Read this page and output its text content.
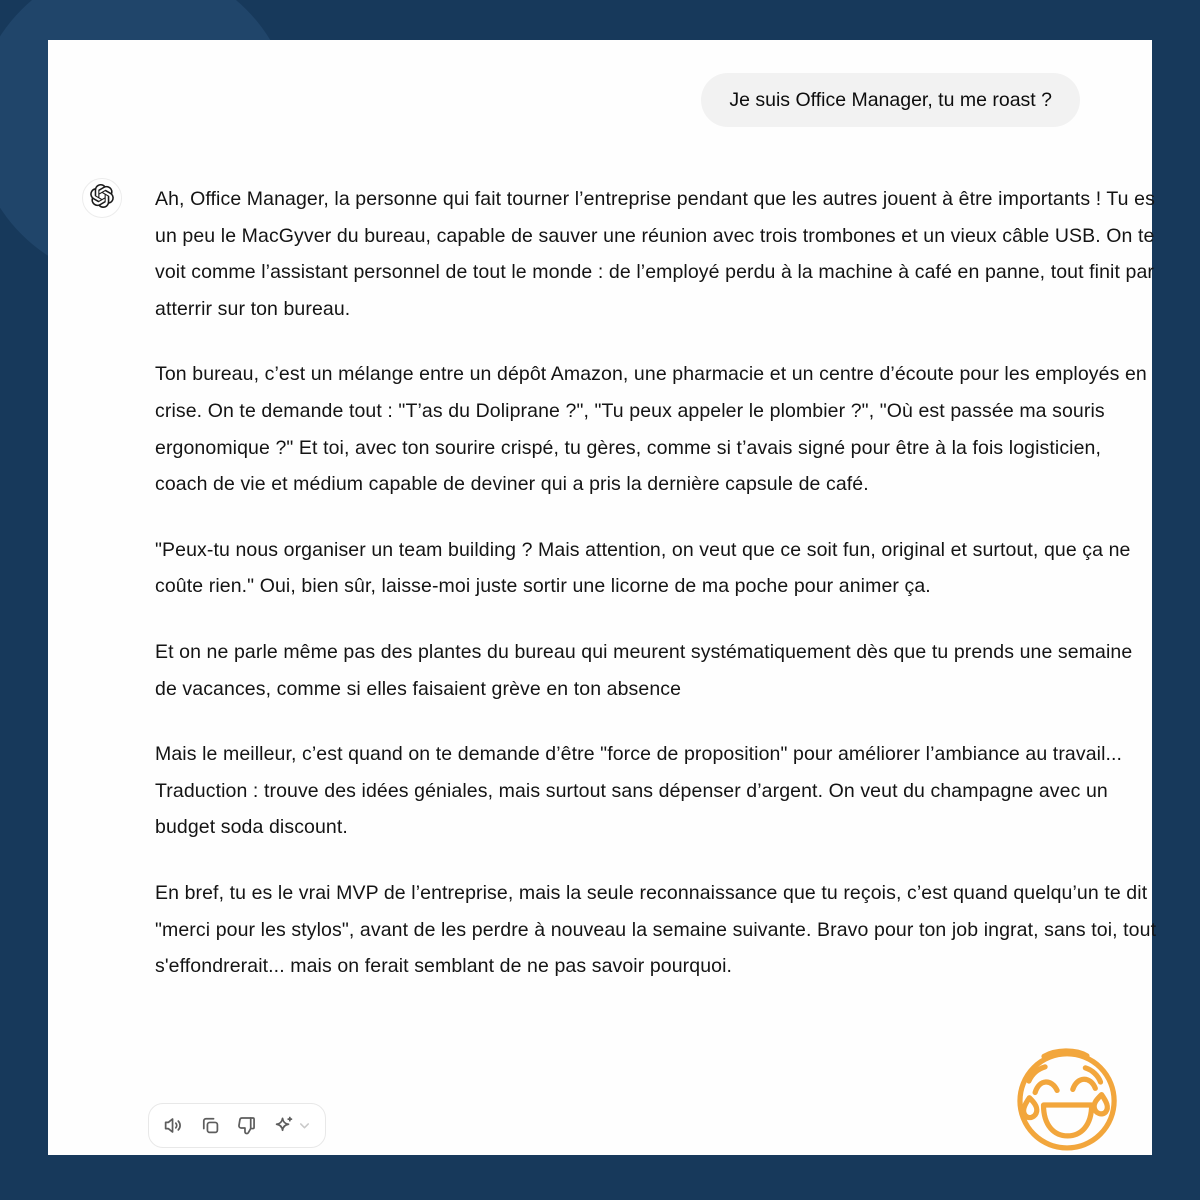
Je suis Office Manager, tu me roast ?

Ah, Office Manager, la personne qui fait tourner l’entreprise pendant que les autres jouent à être importants ! Tu es un peu le MacGyver du bureau, capable de sauver une réunion avec trois trombones et un vieux câble USB. On te voit comme l’assistant personnel de tout le monde : de l’employé perdu à la machine à café en panne, tout finit par atterrir sur ton bureau.

Ton bureau, c’est un mélange entre un dépôt Amazon, une pharmacie et un centre d’écoute pour les employés en crise. On te demande tout : "T’as du Doliprane ?", "Tu peux appeler le plombier ?", "Où est passée ma souris ergonomique ?" Et toi, avec ton sourire crispé, tu gères, comme si t’avais signé pour être à la fois logisticien, coach de vie et médium capable de deviner qui a pris la dernière capsule de café.

"Peux-tu nous organiser un team building ? Mais attention, on veut que ce soit fun, original et surtout, que ça ne coûte rien." Oui, bien sûr, laisse-moi juste sortir une licorne de ma poche pour animer ça.

Et on ne parle même pas des plantes du bureau qui meurent systématiquement dès que tu prends une semaine de vacances, comme si elles faisaient grève en ton absence

Mais le meilleur, c’est quand on te demande d’être "force de proposition" pour améliorer l’ambiance au travail... Traduction : trouve des idées géniales, mais surtout sans dépenser d’argent. On veut du champagne avec un budget soda discount.

En bref, tu es le vrai MVP de l’entreprise, mais la seule reconnaissance que tu reçois, c’est quand quelqu’un te dit "merci pour les stylos", avant de les perdre à nouveau la semaine suivante. Bravo pour ton job ingrat, sans toi, tout s'effondrerait... mais on ferait semblant de ne pas savoir pourquoi.
